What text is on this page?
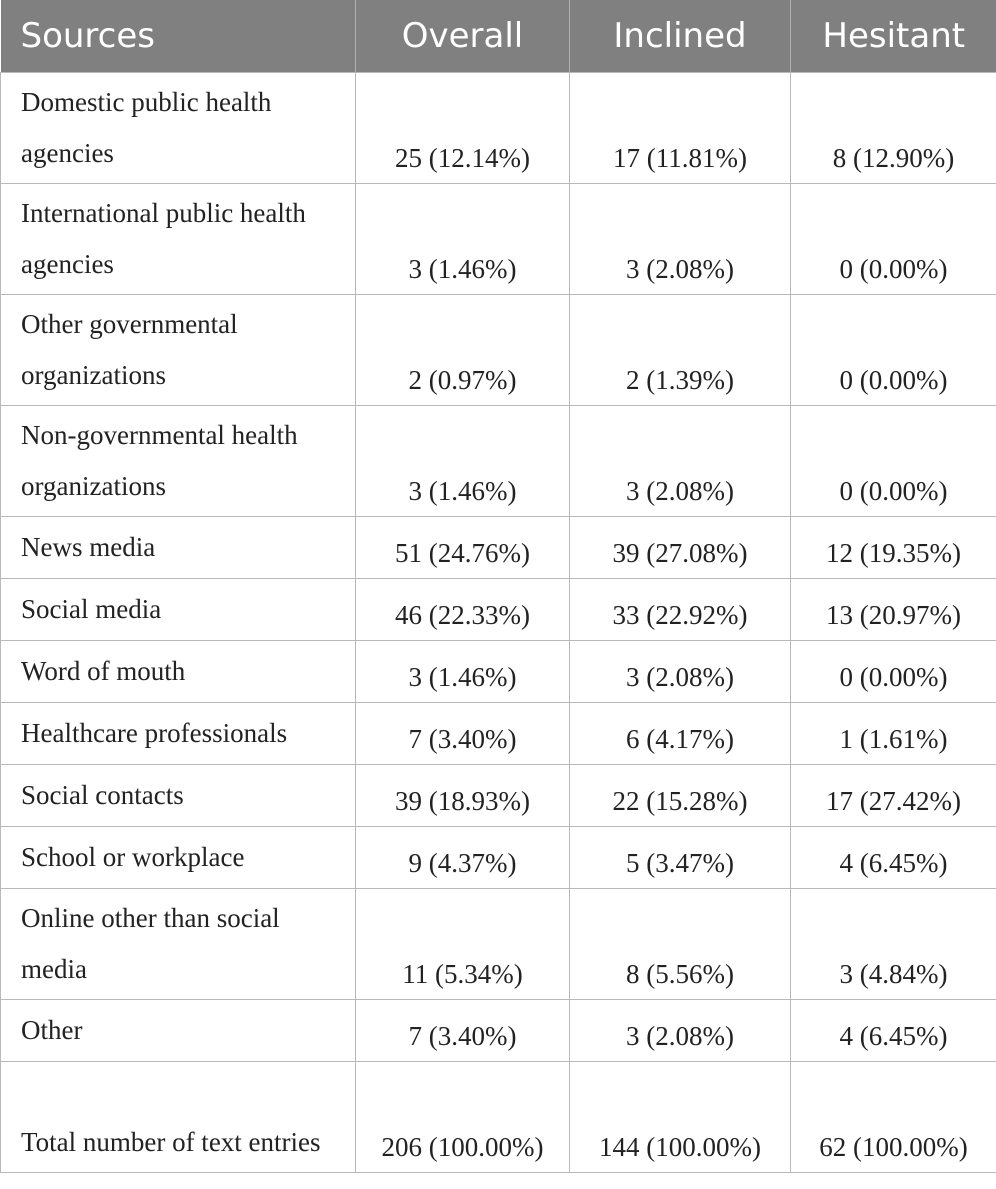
Sources	Overall	Inclined	Hesitant
Domestic public health agencies	25 (12.14%)	17 (11.81%)	8 (12.90%)
International public health agencies	3 (1.46%)	3 (2.08%)	0 (0.00%)
Other governmental organizations	2 (0.97%)	2 (1.39%)	0 (0.00%)
Non-governmental health organizations	3 (1.46%)	3 (2.08%)	0 (0.00%)
News media	51 (24.76%)	39 (27.08%)	12 (19.35%)
Social media	46 (22.33%)	33 (22.92%)	13 (20.97%)
Word of mouth	3 (1.46%)	3 (2.08%)	0 (0.00%)
Healthcare professionals	7 (3.40%)	6 (4.17%)	1 (1.61%)
Social contacts	39 (18.93%)	22 (15.28%)	17 (27.42%)
School or workplace	9 (4.37%)	5 (3.47%)	4 (6.45%)
Online other than social media	11 (5.34%)	8 (5.56%)	3 (4.84%)
Other	7 (3.40%)	3 (2.08%)	4 (6.45%)
Total number of text entries	206 (100.00%)	144 (100.00%)	62 (100.00%)
